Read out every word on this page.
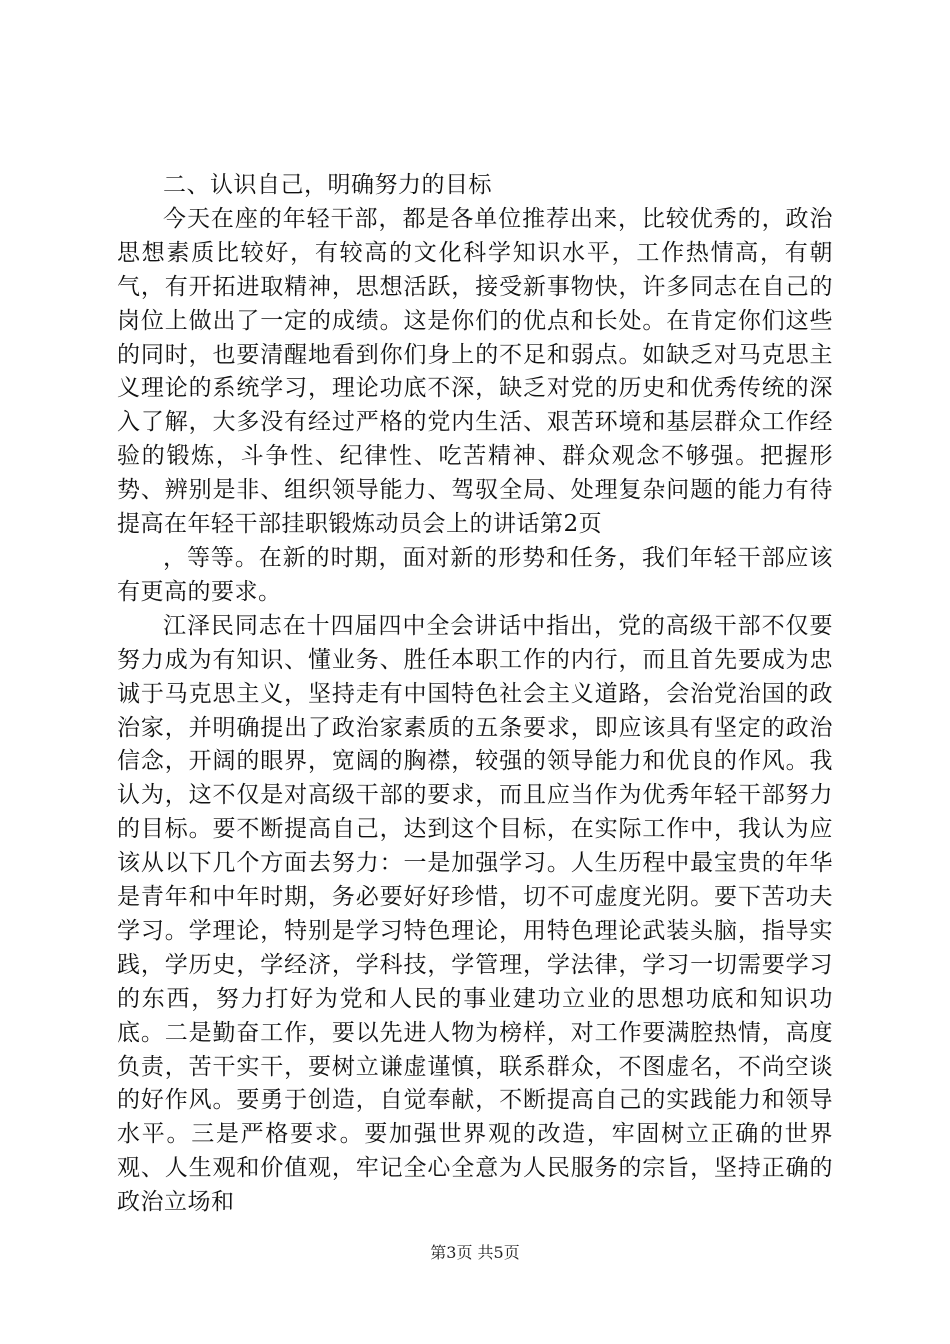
二、认识自己，明确努力的目标

今天在座的年轻干部，都是各单位推荐出来，比较优秀的，政治思想素质比较好，有较高的文化科学知识水平，工作热情高，有朝气，有开拓进取精神，思想活跃，接受新事物快，许多同志在自己的岗位上做出了一定的成绩。这是你们的优点和长处。在肯定你们这些的同时，也要清醒地看到你们身上的不足和弱点。如缺乏对马克思主义理论的系统学习，理论功底不深，缺乏对党的历史和优秀传统的深入了解，大多没有经过严格的党内生活、艰苦环境和基层群众工作经验的锻炼，斗争性、纪律性、吃苦精神、群众观念不够强。把握形势、辨别是非、组织领导能力、驾驭全局、处理复杂问题的能力有待提高在年轻干部挂职锻炼动员会上的讲话第2页

，等等。在新的时期，面对新的形势和任务，我们年轻干部应该有更高的要求。

江泽民同志在十四届四中全会讲话中指出，党的高级干部不仅要努力成为有知识、懂业务、胜任本职工作的内行，而且首先要成为忠诚于马克思主义，坚持走有中国特色社会主义道路，会治党治国的政治家，并明确提出了政治家素质的五条要求，即应该具有坚定的政治信念，开阔的眼界，宽阔的胸襟，较强的领导能力和优良的作风。我认为，这不仅是对高级干部的要求，而且应当作为优秀年轻干部努力的目标。要不断提高自己，达到这个目标，在实际工作中，我认为应该从以下几个方面去努力：一是加强学习。人生历程中最宝贵的年华是青年和中年时期，务必要好好珍惜，切不可虚度光阴。要下苦功夫学习。学理论，特别是学习特色理论，用特色理论武装头脑，指导实践，学历史，学经济，学科技，学管理，学法律，学习一切需要学习的东西，努力打好为党和人民的事业建功立业的思想功底和知识功底。二是勤奋工作，要以先进人物为榜样，对工作要满腔热情，高度负责，苦干实干，要树立谦虚谨慎，联系群众，不图虚名，不尚空谈的好作风。要勇于创造，自觉奉献，不断提高自己的实践能力和领导水平。三是严格要求。要加强世界观的改造，牢固树立正确的世界观、人生观和价值观，牢记全心全意为人民服务的宗旨，坚持正确的政治立场和

第3页 共5页
